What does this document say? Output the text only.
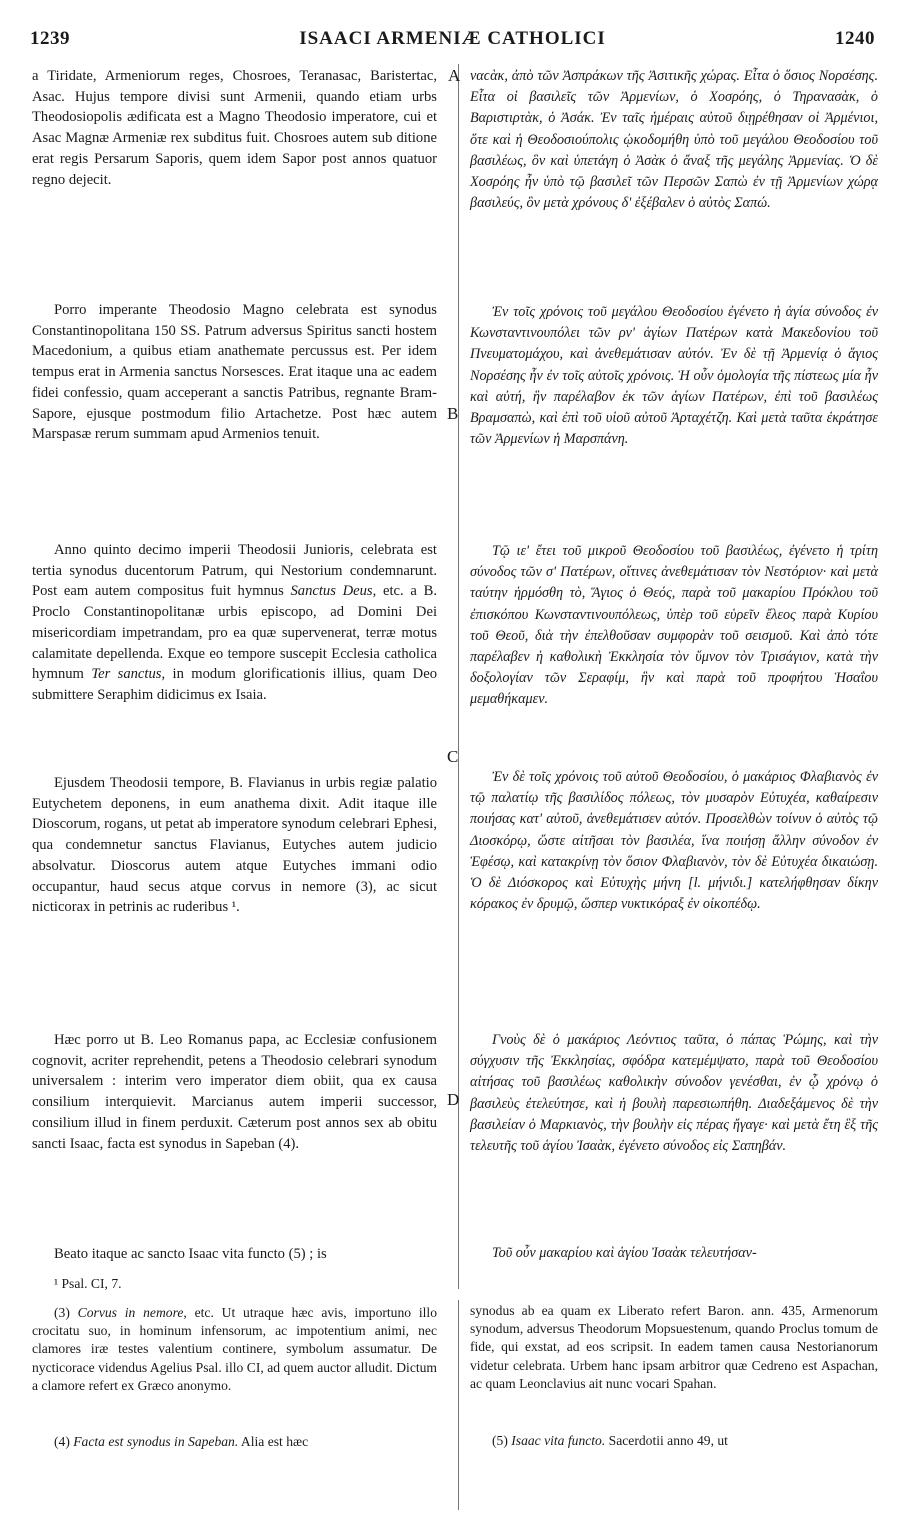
1239	ISAACI ARMENIÆ CATHOLICI	1240
A
B
C
D

a Tiridate, Armeniorum reges, Chosroes, Teranasac, Baristertac, Asac. Hujus tempore divisi sunt Armenii, quando etiam urbs Theodosiopolis ædificata est a Magno Theodosio imperatore, cui et Asac Magnæ Armeniæ rex subditus fuit. Chosroes autem sub ditione erat regis Persarum Saporis, quem idem Sapor post annos quatuor regno dejecit.

Porro imperante Theodosio Magno celebrata est synodus Constantinopolitana 150 SS. Patrum adversus Spiritus sancti hostem Macedonium, a quibus etiam anathemate percussus est. Per idem tempus erat in Armenia sanctus Norsesces. Erat itaque una ac eadem fidei confessio, quam acceperant a sanctis Patribus, regnante Bram-Sapore, ejusque postmodum filio Artachetze. Post hæc autem Marspasæ rerum summam apud Armenios tenuit.

Anno quinto decimo imperii Theodosii Junioris, celebrata est tertia synodus ducentorum Patrum, qui Nestorium condemnarunt. Post eam autem compositus fuit hymnus Sanctus Deus, etc. a B. Proclo Constantinopolitanæ urbis episcopo, ad Domini Dei misericordiam impetrandam, pro ea quæ supervenerat, terræ motus calamitate depellenda. Exque eo tempore suscepit Ecclesia catholica hymnum Ter sanctus, in modum glorificationis illius, quam Deo submittere Seraphim didicimus ex Isaia.

Ejusdem Theodosii tempore, B. Flavianus in urbis regiæ palatio Eutychetem deponens, in eum anathema dixit. Adit itaque ille Dioscorum, rogans, ut petat ab imperatore synodum celebrari Ephesi, qua condemnetur sanctus Flavianus, Eutyches autem judicio absolvatur. Dioscorus autem atque Eutyches immani odio occupantur, haud secus atque corvus in nemore (3), ac sicut nicticorax in petrinis ac ruderibus ¹.

Hæc porro ut B. Leo Romanus papa, ac Ecclesiæ confusionem cognovit, acriter reprehendit, petens a Theodosio celebrari synodum universalem : interim vero imperator diem obiit, qua ex causa consilium interquievit. Marcianus autem imperii successor, consilium illud in finem perduxit. Cæterum post annos sex ab obitu sancti Isaac, facta est synodus in Sapeban (4).

Beato itaque ac sancto Isaac vita functo (5) ; is

ναϲὰκ, ἀπὸ τῶν Ἀσπράκων τῆς Ἀσιτικῆς χώρας. Εἶτα ὁ ὅσιος Νορσέσης. Εἶτα οἱ βασιλεῖς τῶν Ἀρμενίων, ὁ Χοσρόης, ὁ Τηρανασὰκ, ὁ Βαριστιρτὰκ, ὁ Ἀσάκ. Ἐν ταῖς ἡμέραις αὐτοῦ διῃρέθησαν οἱ Ἀρμένιοι, ὅτε καὶ ἡ Θεοδοσιούπολις ᾠκοδομήθη ὑπὸ τοῦ μεγάλου Θεοδοσίου τοῦ βασιλέως, ὃν καὶ ὑπετάγη ὁ Ἀσὰκ ὁ ἄναξ τῆς μεγάλης Ἀρμενίας. Ὁ δὲ Χοσρόης ἦν ὑπὸ τῷ βασιλεῖ τῶν Περσῶν Σαπὼ ἐν τῇ Ἀρμενίων χώρᾳ βασιλεύς, ὃν μετὰ χρόνους δʹ ἐξέβαλεν ὁ αὐτὸς Σαπώ.

Ἐν τοῖς χρόνοις τοῦ μεγάλου Θεοδοσίου ἐγένετο ἡ ἁγία σύνοδος ἐν Κωνσταντινουπόλει τῶν ρνʹ ἁγίων Πατέρων κατὰ Μακεδονίου τοῦ Πνευματομάχου, καὶ ἀνεθεμάτισαν αὐτόν. Ἐν δὲ τῇ Ἀρμενίᾳ ὁ ἅγιος Νορσέσης ἦν ἐν τοῖς αὐτοῖς χρόνοις. Ἡ οὖν ὁμολογία τῆς πίστεως μία ἦν καὶ αὐτή, ἣν παρέλαβον ἐκ τῶν ἁγίων Πατέρων, ἐπὶ τοῦ βασιλέως Βραμσαπὼ, καὶ ἐπὶ τοῦ υἱοῦ αὐτοῦ Ἀρταχέτζη. Καὶ μετὰ ταῦτα ἐκράτησε τῶν Ἀρμενίων ἡ Μαρσπάνη.

Τῷ ιεʹ ἔτει τοῦ μικροῦ Θεοδοσίου τοῦ βασιλέως, ἐγένετο ἡ τρίτη σύνοδος τῶν σʹ Πατέρων, οἵτινες ἀνεθεμάτισαν τὸν Νεστόριον· καὶ μετὰ ταύτην ἡρμόσθη τὸ, Ἅγιος ὁ Θεός, παρὰ τοῦ μακαρίου Πρόκλου τοῦ ἐπισκόπου Κωνσταντινουπόλεως, ὑπὲρ τοῦ εὑρεῖν ἔλεος παρὰ Κυρίου τοῦ Θεοῦ, διὰ τὴν ἐπελθοῦσαν συμφορὰν τοῦ σεισμοῦ. Καὶ ἀπὸ τότε παρέλαβεν ἡ καθολικὴ Ἐκκλησία τὸν ὕμνον τὸν Τρισάγιον, κατὰ τὴν δοξολογίαν τῶν Σεραφίμ, ἣν καὶ παρὰ τοῦ προφήτου Ἡσαΐου μεμαθήκαμεν.

Ἐν δὲ τοῖς χρόνοις τοῦ αὐτοῦ Θεοδοσίου, ὁ μακάριος Φλαβιανὸς ἐν τῷ παλατίῳ τῆς βασιλίδος πόλεως, τὸν μυσαρὸν Εὐτυχέα, καθαίρεσιν ποιήσας κατ' αὐτοῦ, ἀνεθεμάτισεν αὐτόν. Προσελθὼν τοίνυν ὁ αὐτὸς τῷ Διοσκόρῳ, ὥστε αἰτῆσαι τὸν βασιλέα, ἵνα ποιήσῃ ἄλλην σύνοδον ἐν Ἐφέσῳ, καὶ κατακρίνῃ τὸν ὅσιον Φλαβιανὸν, τὸν δὲ Εὐτυχέα δικαιώσῃ. Ὁ δὲ Διόσκορος καὶ Εὐτυχὴς μήνη [l. μήνιδι.] κατελήφθησαν δίκην κόρακος ἐν δρυμῷ, ὥσπερ νυκτικόραξ ἐν οἰκοπέδῳ.

Γνοὺς δὲ ὁ μακάριος Λεόντιος ταῦτα, ὁ πάπας Ῥώμης, καὶ τὴν σύγχυσιν τῆς Ἐκκλησίας, σφόδρα κατεμέμψατο, παρὰ τοῦ Θεοδοσίου αἰτήσας τοῦ βασιλέως καθολικὴν σύνοδον γενέσθαι, ἐν ᾧ χρόνῳ ὁ βασιλεὺς ἐτελεύτησε, καὶ ἡ βουλὴ παρεσιωπήθη. Διαδεξάμενος δὲ τὴν βασιλείαν ὁ Μαρκιανὸς, τὴν βουλὴν εἰς πέρας ἤγαγε· καὶ μετὰ ἔτη ἓξ τῆς τελευτῆς τοῦ ἁγίου Ἰσαὰκ, ἐγένετο σύνοδος εἰς Σαπηβάν.

Τοῦ οὖν μακαρίου καὶ ἁγίου Ἰσαὰκ τελευτήσαν-

¹ Psal. CI, 7.

(3) Corvus in nemore, etc. Ut utraque hæc avis, importuno illo crocitatu suo, in hominum infensorum, ac impotentium animi, nec clamores iræ testes valentium continere, symbolum assumatur. De nycticorace videndus Agelius Psal. illo CI, ad quem auctor alludit. Dictum a clamore refert ex Græco anonymo.

(4) Facta est synodus in Sapeban. Alia est hæc

synodus ab ea quam ex Liberato refert Baron. ann. 435, Armenorum synodum, adversus Theodorum Mopsuestenum, quando Proclus tomum de fide, qui exstat, ad eos scripsit. In eadem tamen causa Nestorianorum videtur celebrata. Urbem hanc ipsam arbitror quæ Cedreno est Aspachan, ac quam Leonclavius ait nunc vocari Spahan.

(5) Isaac vita functo. Sacerdotii anno 49, ut
